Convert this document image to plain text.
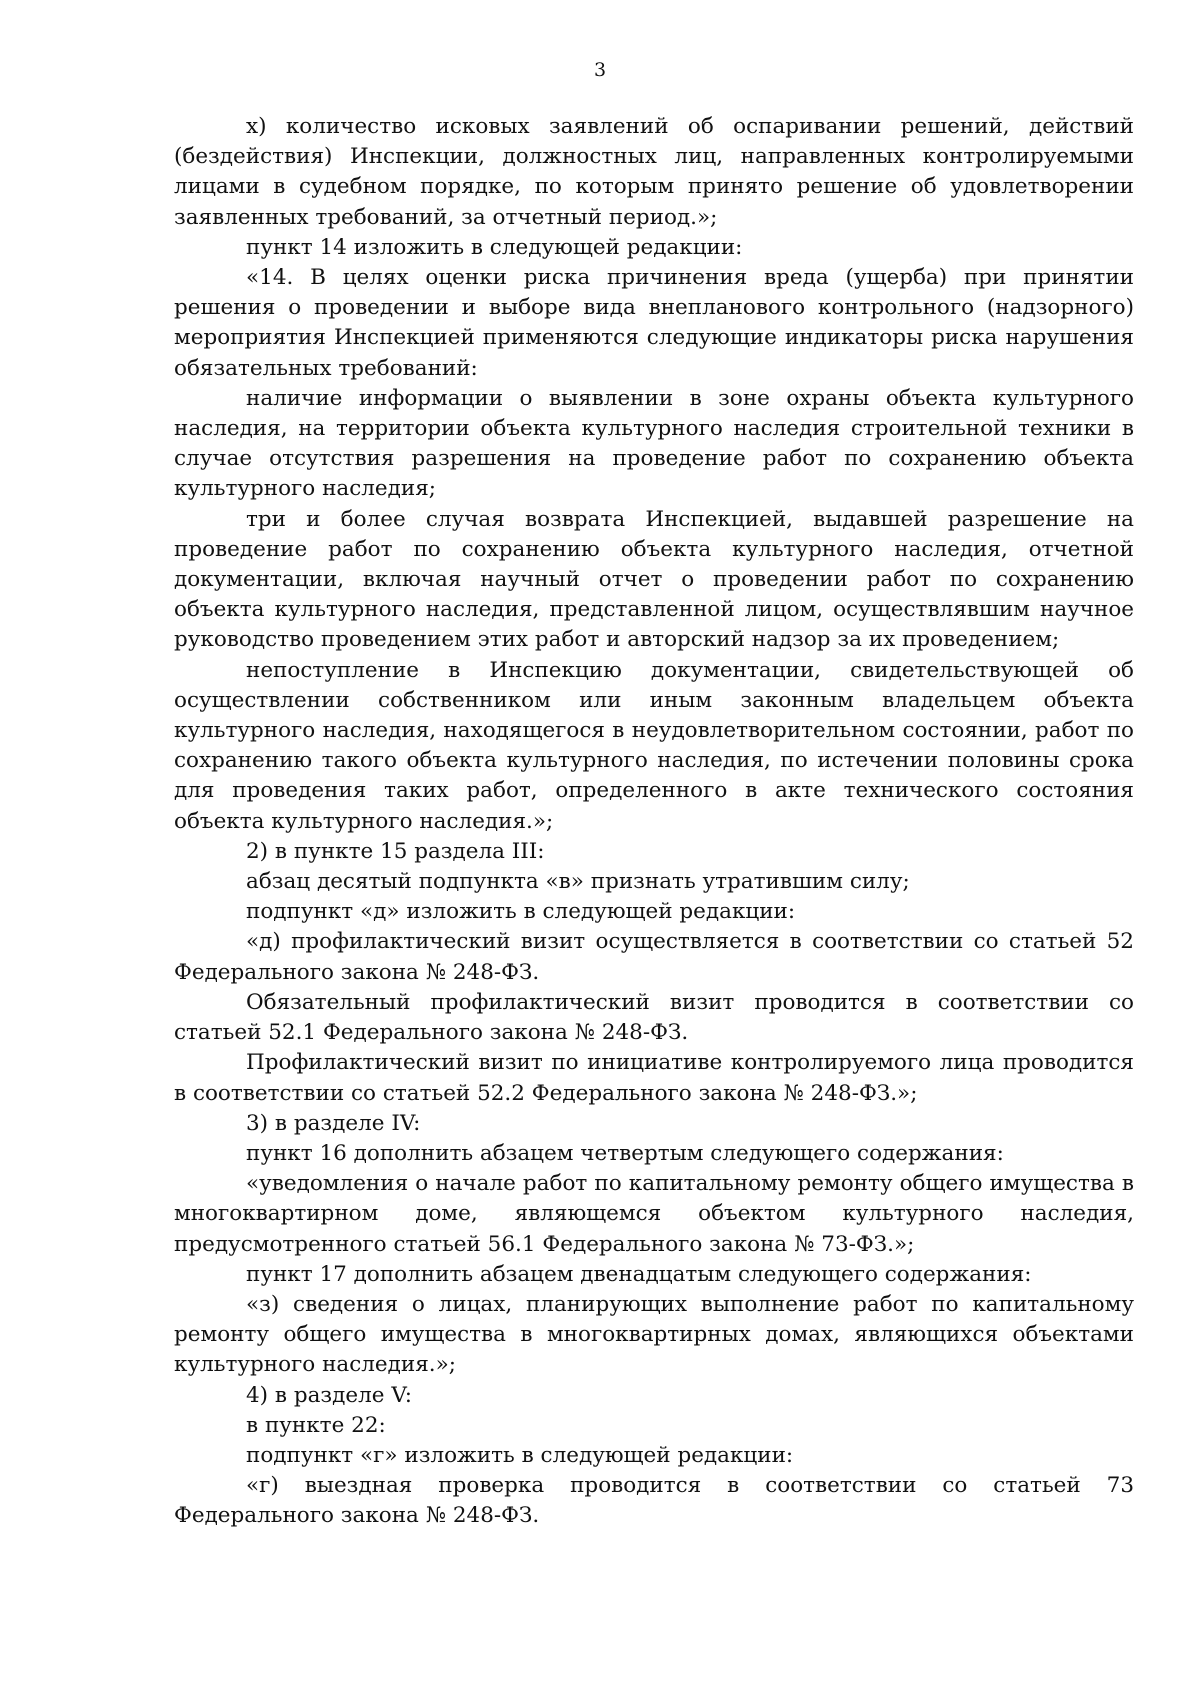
3

х) количество исковых заявлений об оспаривании решений, действий (бездействия) Инспекции, должностных лиц, направленных контролируемыми лицами в судебном порядке, по которым принято решение об удовлетворении заявленных требований, за отчетный период.»;

пункт 14 изложить в следующей редакции:

«14. В целях оценки риска причинения вреда (ущерба) при принятии решения о проведении и выборе вида внепланового контрольного (надзорного) мероприятия Инспекцией применяются следующие индикаторы риска нарушения обязательных требований:

наличие информации о выявлении в зоне охраны объекта культурного наследия, на территории объекта культурного наследия строительной техники в случае отсутствия разрешения на проведение работ по сохранению объекта культурного наследия;

три и более случая возврата Инспекцией, выдавшей разрешение на проведение работ по сохранению объекта культурного наследия, отчетной документации, включая научный отчет о проведении работ по сохранению объекта культурного наследия, представленной лицом, осуществлявшим научное руководство проведением этих работ и авторский надзор за их проведением;

непоступление в Инспекцию документации, свидетельствующей об осуществлении собственником или иным законным владельцем объекта культурного наследия, находящегося в неудовлетворительном состоянии, работ по сохранению такого объекта культурного наследия, по истечении половины срока для проведения таких работ, определенного в акте технического состояния объекта культурного наследия.»;

2) в пункте 15 раздела III:

абзац десятый подпункта «в» признать утратившим силу;

подпункт «д» изложить в следующей редакции:

«д) профилактический визит осуществляется в соответствии со статьей 52 Федерального закона № 248-ФЗ.

Обязательный профилактический визит проводится в соответствии со статьей 52.1 Федерального закона № 248-ФЗ.

Профилактический визит по инициативе контролируемого лица проводится в соответствии со статьей 52.2 Федерального закона № 248-ФЗ.»;

3) в разделе IV:

пункт 16 дополнить абзацем четвертым следующего содержания:

«уведомления о начале работ по капитальному ремонту общего имущества в многоквартирном доме, являющемся объектом культурного наследия, предусмотренного статьей 56.1 Федерального закона № 73-ФЗ.»;

пункт 17 дополнить абзацем двенадцатым следующего содержания:

«з) сведения о лицах, планирующих выполнение работ по капитальному ремонту общего имущества в многоквартирных домах, являющихся объектами культурного наследия.»;

4) в разделе V:

в пункте 22:

подпункт «г» изложить в следующей редакции:

«г) выездная проверка проводится в соответствии со статьей 73 Федерального закона № 248-ФЗ.
